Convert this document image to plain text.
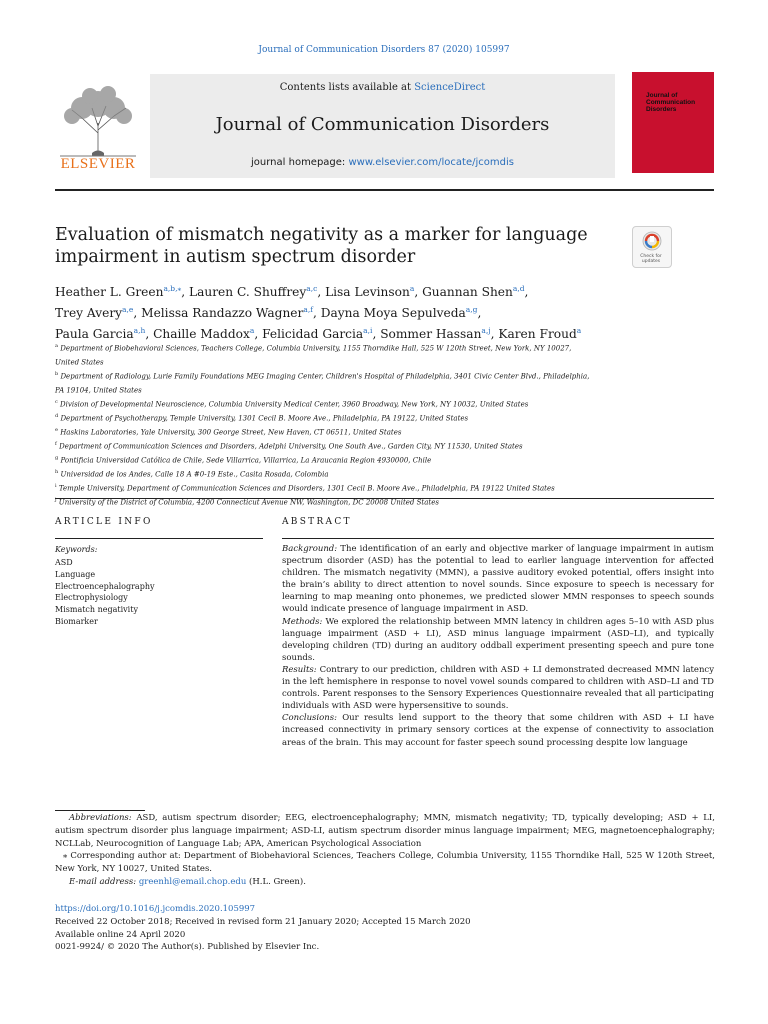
Journal of Communication Disorders 87 (2020) 105997
ELSEVIER
Contents lists available at ScienceDirect
Journal of Communication Disorders
journal homepage: www.elsevier.com/locate/jcomdis
Journal of Communication Disorders
Evaluation of mismatch negativity as a marker for language impairment in autism spectrum disorder	Check for updates
Heather L. Green$^{a,b,⁎}$, Lauren C. Shuffrey$^{a,c}$, Lisa Levinson$^a$, Guannan Shen$^{a,d}$,
Trey Avery$^{a,e}$, Melissa Randazzo Wagner$^{a,f}$, Dayna Moya Sepulveda$^{a,g}$,
Paula Garcia$^{a,h}$, Chaille Maddox$^a$, Felicidad Garcia$^{a,i}$, Sommer Hassan$^{a,j}$, Karen Froud$^a$
$^a$ Department of Biobehavioral Sciences, Teachers College, Columbia University, 1155 Thorndike Hall, 525 W 120th Street, New York, NY 10027,
United States
$^b$ Department of Radiology, Lurie Family Foundations MEG Imaging Center, Children's Hospital of Philadelphia, 3401 Civic Center Blvd., Philadelphia,
PA 19104, United States
$^c$ Division of Developmental Neuroscience, Columbia University Medical Center, 3960 Broadway, New York, NY 10032, United States
$^d$ Department of Psychotherapy, Temple University, 1301 Cecil B. Moore Ave., Philadelphia, PA 19122, United States
$^e$ Haskins Laboratories, Yale University, 300 George Street, New Haven, CT 06511, United States
$^f$ Department of Communication Sciences and Disorders, Adelphi University, One South Ave., Garden City, NY 11530, United States
$^g$ Pontificia Universidad Católica de Chile, Sede Villarrica, Villarrica, La Araucania Region 4930000, Chile
$^h$ Universidad de los Andes, Calle 18 A #0-19 Este., Casita Rosada, Colombia
$^i$ Temple University, Department of Communication Sciences and Disorders, 1301 Cecil B. Moore Ave., Philadelphia, PA 19122 United States
$^j$ University of the District of Columbia, 4200 Connecticut Avenue NW, Washington, DC 20008 United States
ARTICLE INFO
Keywords:
ASD
Language
Electroencephalography
Electrophysiology
Mismatch negativity
Biomarker
ABSTRACT

Background: The identification of an early and objective marker of language impairment in autism spectrum disorder (ASD) has the potential to lead to earlier language intervention for affected children. The mismatch negativity (MMN), a passive auditory evoked potential, offers insight into the brain’s ability to direct attention to novel sounds. Since exposure to speech is necessary for learning to map meaning onto phonemes, we predicted slower MMN responses to speech sounds would indicate presence of language impairment in ASD.

Methods: We explored the relationship between MMN latency in children ages 5–10 with ASD plus language impairment (ASD + LI), ASD minus language impairment (ASD–LI), and typically developing children (TD) during an auditory oddball experiment presenting speech and pure tone sounds.

Results: Contrary to our prediction, children with ASD + LI demonstrated decreased MMN latency in the left hemisphere in response to novel vowel sounds compared to children with ASD–LI and TD controls. Parent responses to the Sensory Experiences Questionnaire revealed that all participating individuals with ASD were hypersensitive to sounds.

Conclusions: Our results lend support to the theory that some children with ASD + LI have increased connectivity in primary sensory cortices at the expense of connectivity to association areas of the brain. This may account for faster speech sound processing despite low language

Abbreviations: ASD, autism spectrum disorder; EEG, electroencephalography; MMN, mismatch negativity; TD, typically developing; ASD + LI, autism spectrum disorder plus language impairment; ASD-LI, autism spectrum disorder minus language impairment; MEG, magnetoencephalography; NCLLab, Neurocognition of Language Lab; APA, American Psychological Association

⁎ Corresponding author at: Department of Biobehavioral Sciences, Teachers College, Columbia University, 1155 Thorndike Hall, 525 W 120th Street, New York, NY 10027, United States.

E-mail address: greenhl@email.chop.edu (H.L. Green).

https://doi.org/10.1016/j.jcomdis.2020.105997

Received 22 October 2018; Received in revised form 21 January 2020; Accepted 15 March 2020

Available online 24 April 2020

0021-9924/ © 2020 The Author(s). Published by Elsevier Inc.
